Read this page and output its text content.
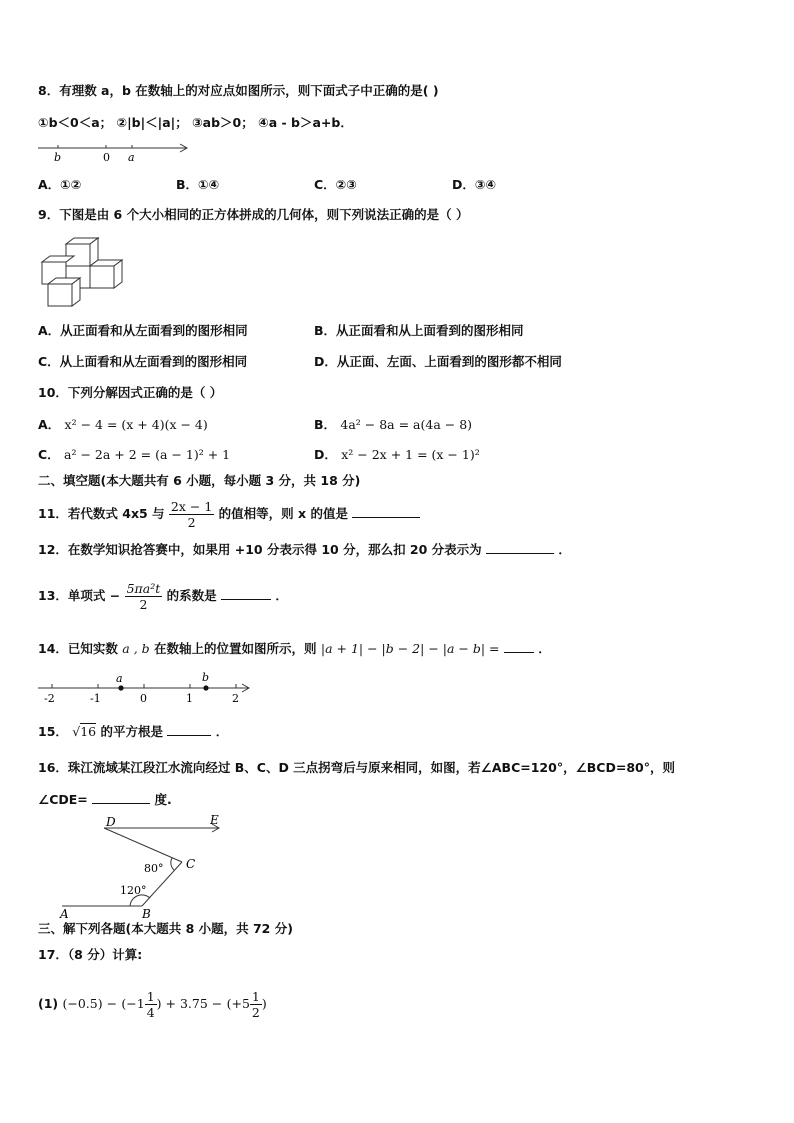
8．有理数 a，b 在数轴上的对应点如图所示，则下面式子中正确的是( )
①b＜0＜a； ②|b|＜|a|； ③ab＞0； ④a - b＞a+b．
b	0 a
A．①②	B．①④	C．②③	D．③④
9．下图是由 6 个大小相同的正方体拼成的几何体，则下列说法正确的是（ ）
A．从正面看和从左面看到的图形相同	B．从正面看和从上面看到的图形相同
C．从上面看和从左面看到的图形相同	D．从正面、左面、上面看到的图形都不相同
10．下列分解因式正确的是（ ）
A． x² − 4 = (x + 4)(x − 4)	B． 4a² − 8a = a(4a − 8)
C． a² − 2a + 2 = (a − 1)² + 1	D． x² − 2x + 1 = (x − 1)²
二、填空题(本大题共有 6 小题，每小题 3 分，共 18 分)
11．若代数式 4x5 与 $\frac{2x - 1}{2}$ 的值相等，则 x 的值是
12．在数学知识抢答赛中，如果用 +10 分表示得 10 分，那么扣 20 分表示为	．
13．单项式 − $\frac{\text{5πa²t}}{2}$ 的系数是	．
14．已知实数 a , b 在数轴上的位置如图所示，则 |a + 1| − |b − 2| − |a − b| =	．
a	b
-2	-1	0	1	2
15． √16 的平方根是	．
16．珠江流域某江段江水流向经过 B、C、D 三点拐弯后与原来相同，如图，若∠ABC=120°，∠BCD=80°，则
∠CDE=	度.
D	E
C
A	B
80°
120°
三、解下列各题(本大题共 8 小题，共 72 分)
17．（8 分）计算:
(1) $(-0.5) - (-1 \frac{1}{4}$ ) + $3.75 - (+5 \frac{1}{2}$ )
